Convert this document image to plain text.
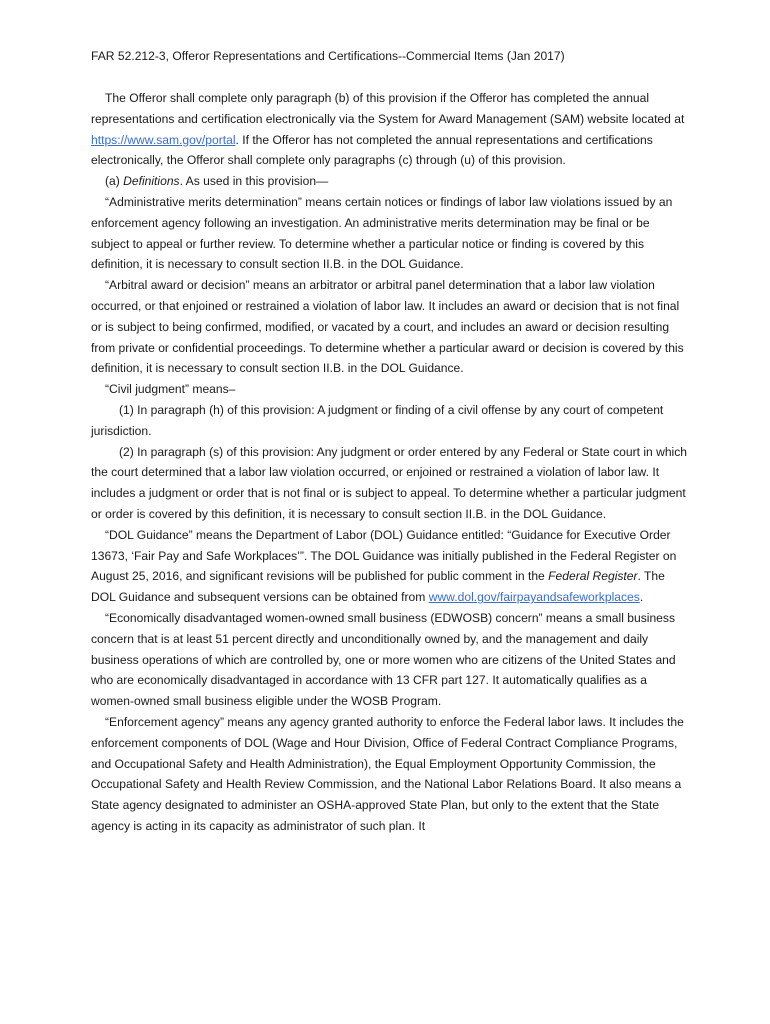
FAR 52.212-3, Offeror Representations and Certifications--Commercial Items (Jan 2017)

The Offeror shall complete only paragraph (b) of this provision if the Offeror has completed the annual representations and certification electronically via the System for Award Management (SAM) website located at https://www.sam.gov/portal. If the Offeror has not completed the annual representations and certifications electronically, the Offeror shall complete only paragraphs (c) through (u) of this provision.

(a) Definitions. As used in this provision—

“Administrative merits determination” means certain notices or findings of labor law violations issued by an enforcement agency following an investigation. An administrative merits determination may be final or be subject to appeal or further review. To determine whether a particular notice or finding is covered by this definition, it is necessary to consult section II.B. in the DOL Guidance.

“Arbitral award or decision” means an arbitrator or arbitral panel determination that a labor law violation occurred, or that enjoined or restrained a violation of labor law. It includes an award or decision that is not final or is subject to being confirmed, modified, or vacated by a court, and includes an award or decision resulting from private or confidential proceedings. To determine whether a particular award or decision is covered by this definition, it is necessary to consult section II.B. in the DOL Guidance.

“Civil judgment” means–

(1) In paragraph (h) of this provision: A judgment or finding of a civil offense by any court of competent jurisdiction.

(2) In paragraph (s) of this provision: Any judgment or order entered by any Federal or State court in which the court determined that a labor law violation occurred, or enjoined or restrained a violation of labor law. It includes a judgment or order that is not final or is subject to appeal. To determine whether a particular judgment or order is covered by this definition, it is necessary to consult section II.B. in the DOL Guidance.

“DOL Guidance” means the Department of Labor (DOL) Guidance entitled: “Guidance for Executive Order 13673, ‘Fair Pay and Safe Workplaces’”. The DOL Guidance was initially published in the Federal Register on August 25, 2016, and significant revisions will be published for public comment in the Federal Register. The DOL Guidance and subsequent versions can be obtained from www.dol.gov/fairpayandsafeworkplaces.

“Economically disadvantaged women-owned small business (EDWOSB) concern” means a small business concern that is at least 51 percent directly and unconditionally owned by, and the management and daily business operations of which are controlled by, one or more women who are citizens of the United States and who are economically disadvantaged in accordance with 13 CFR part 127. It automatically qualifies as a women-owned small business eligible under the WOSB Program.

“Enforcement agency” means any agency granted authority to enforce the Federal labor laws. It includes the enforcement components of DOL (Wage and Hour Division, Office of Federal Contract Compliance Programs, and Occupational Safety and Health Administration), the Equal Employment Opportunity Commission, the Occupational Safety and Health Review Commission, and the National Labor Relations Board. It also means a State agency designated to administer an OSHA-approved State Plan, but only to the extent that the State agency is acting in its capacity as administrator of such plan. It
